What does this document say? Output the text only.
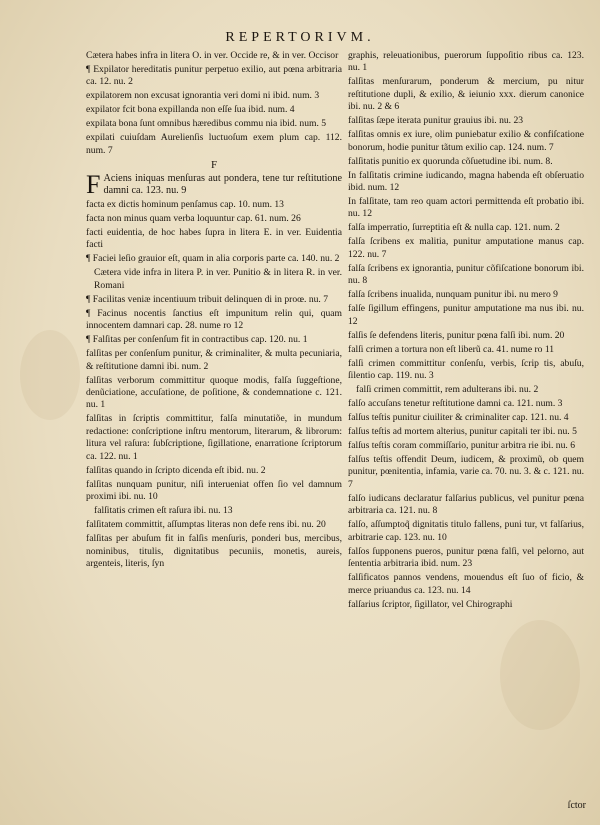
REPERTORIVM.
Cætera habes infra in litera O. in ver. Occide re, & in ver. Occisor
¶ Expilator hereditatis punitur perpetuo exilio, aut pœna arbitraria ca. 12. nu. 2
expilatorem non excusat ignorantia veri domi ni ibid. num. 3
expilator fcit bona expillanda non eſſe ſua ibid. num. 4
expilata bona ſunt omnibus hæredibus commu nia ibid. num. 5
expilati cuiuſdam Aurelienſis luctuoſum exem plum cap. 112. num. 7
F
F Aciens iniquas menſuras aut pondera, tene tur reſtitutione damni ca. 123. nu. 9
facta ex dictis hominum penſamus cap. 10. num. 13
facta non minus quam verba loquuntur cap. 61. num. 26
facti euidentia, de hoc habes ſupra in litera E. in ver. Euidentia facti
¶ Faciei leſio grauior eſt, quam in alia corporis parte ca. 140. nu. 2
Cætera vide infra in litera P. in ver. Punitio & in litera R. in ver. Romani
¶ Facilitas veniæ incentiuum tribuit delinquen di in proœ. nu. 7
¶ Facinus nocentis ſanctius eſt impunitum relin qui, quam innocentem damnari cap. 28. nume ro 12
¶ Falſitas per conſenſum fit in contractibus cap. 120. nu. 1
falſitas per conſenſum punitur, & criminaliter, & multa pecuniaria, & reſtitutione damni ibi. num. 2
falſitas verborum committitur quoque modis, falſa ſuggeſtione, denũciatione, accuſatione, de poſitione, & condemnatione c. 121. nu. 1
falſitas in ſcriptis committitur, falſa minutatiõe, in mundum redactione: conſcriptione inſtru mentorum, literarum, & librorum: litura vel raſura: ſubſcriptione, ſigillatione, enarratione ſcriptorum ca. 122. nu. 1
falſitas quando in ſcripto dicenda eſt ibid. nu. 2
falſitas nunquam punitur, niſi interueniat offen ſio vel damnum proximi ibi. nu. 10
falſitatis crimen eſt raſura ibi. nu. 13
falſitatem committit, aſſumptas literas non defe rens ibi. nu. 20
falſitas per abuſum fit in falſis menſuris, ponderi bus, mercibus, nominibus, titulis, dignitatibus pecuniis, monetis, aureis, argenteis, literis, ſyn
graphis, releuationibus, puerorum ſuppoſitio ribus ca. 123. nu. 1
falſitas menſurarum, ponderum & mercium, pu nitur reſtitutione dupli, & exilio, & ieiunio xxx. dierum canonice ibi. nu. 2 & 6
falſitas ſæpe iterata punitur grauius ibi. nu. 23
falſitas omnis ex iure, olim puniebatur exilio & confiſcatione bonorum, hodie punitur tãtum exilio cap. 124. num. 7
falſitatis punitio ex quorunda cõſuetudine ibi. num. 8.
In falſitatis crimine iudicando, magna habenda eſt obſeruatio ibid. num. 12
In falſitate, tam reo quam actori permittenda eſt probatio ibi. nu. 12
falſa imperratio, ſurreptitia eſt & nulla cap. 121. num. 2
falſa ſcribens ex malitia, punitur amputatione manus cap. 122. nu. 7
falſa ſcribens ex ignorantia, punitur cõfiſcatione bonorum ibi. nu. 8
falſa ſcribens inualida, nunquam punitur ibi. nu mero 9
falſe ſigillum effingens, punitur amputatione ma nus ibi. nu. 12
falſis ſe defendens literis, punitur pœna falſi ibi. num. 20
falſi crimen a tortura non eſt liberũ ca. 41. nume ro 11
falſi crimen committitur conſenſu, verbis, ſcrip tis, abuſu, ſilentio cap. 119. nu. 3
falſi crimen committit, rem adulterans ibi. nu. 2
falſo accuſans tenetur reſtitutione damni ca. 121. num. 3
falſus teſtis punitur ciuiliter & criminaliter cap. 121. nu. 4
falſus teſtis ad mortem alterius, punitur capitali ter ibi. nu. 5
falſus teſtis coram commiſſario, punitur arbitra rie ibi. nu. 6
falſus teſtis offendit Deum, iudicem, & proximũ, ob quem punitur, pœnitentia, infamia, varie ca. 70. nu. 3. & c. 121. nu. 7
falſo iudicans declaratur falſarius publicus, vel punitur pœna arbitraria ca. 121. nu. 8
falſo, aſſumptoq̃ dignitatis titulo fallens, puni tur, vt falſarius, arbitrarie cap. 123. nu. 10
falſos ſupponens pueros, punitur pœna falſi, vel pelorno, aut ſententia arbitraria ibid. num. 23
falſificatos pannos vendens, mouendus eſt ſuo of ficio, & merce priuandus ca. 123. nu. 14
falſarius ſcriptor, ſigillator, vel Chirographi
ſctor
